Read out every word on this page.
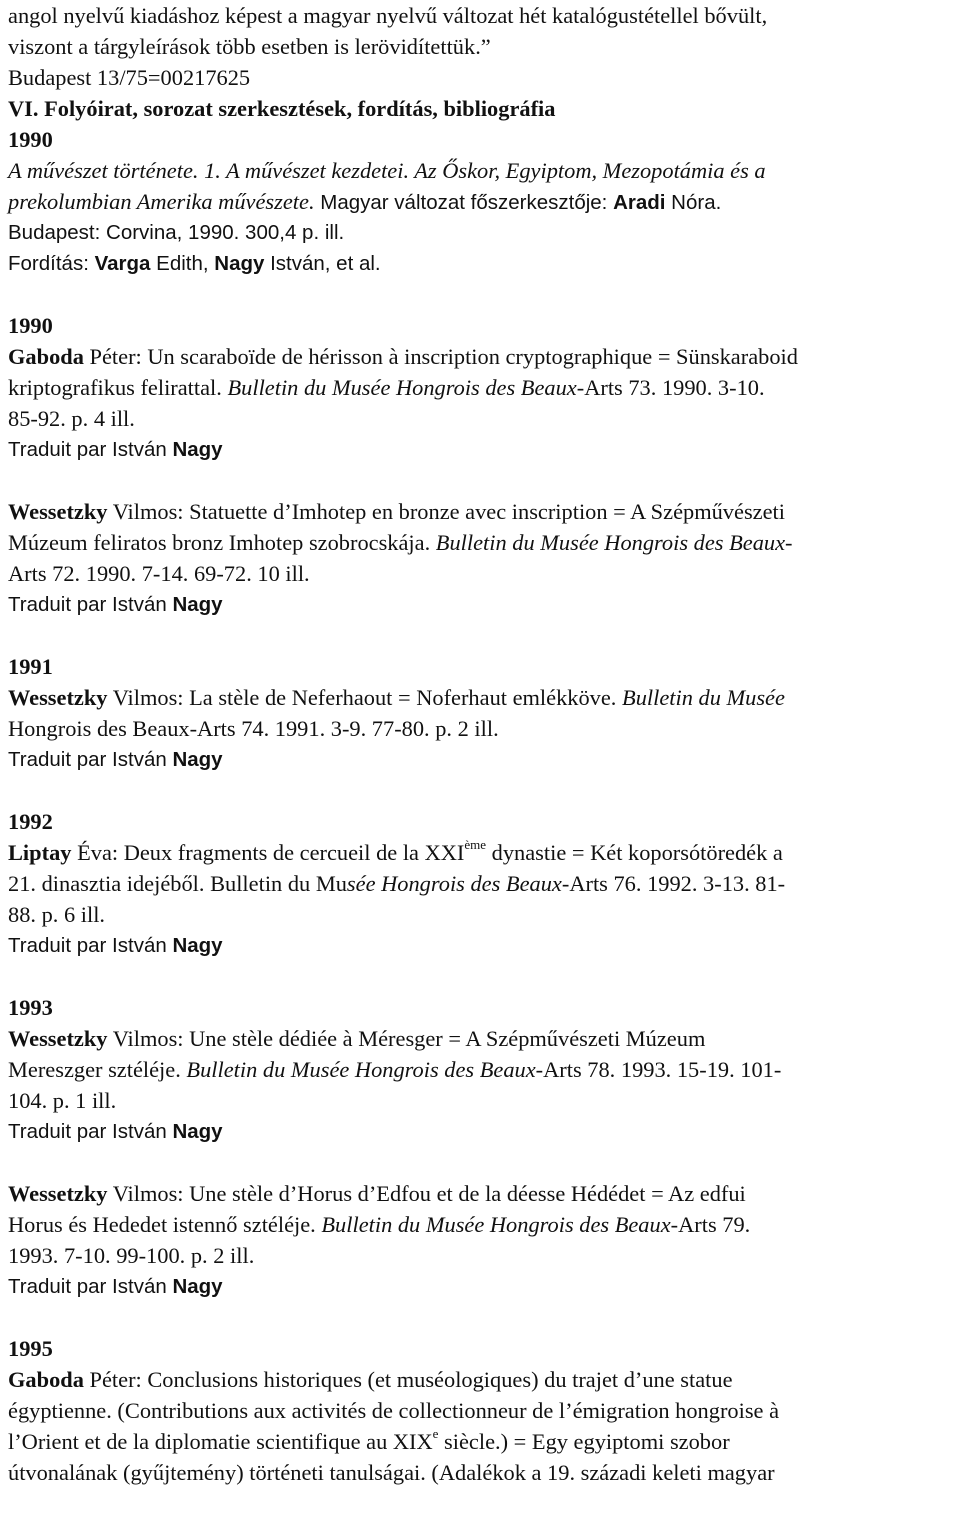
angol nyelvű kiadáshoz képest a magyar nyelvű változat hét katalógustétellel bővült,
viszont a tárgyleírások több esetben is lerövidítettük.”
Budapest 13/75=00217625
VI. Folyóirat, sorozat szerkesztések, fordítás, bibliográfia
1990
A művészet története. 1. A művészet kezdetei. Az Őskor, Egyiptom, Mezopotámia és a
prekolumbian Amerika művészete. Magyar változat főszerkesztője: Aradi Nóra.
Budapest: Corvina, 1990. 300,4 p. ill.
Fordítás: Varga Edith, Nagy István, et al.
1990
Gaboda Péter: Un scaraboïde de hérisson à inscription cryptographique = Sünskaraboid
kriptografikus felirattal. Bulletin du Musée Hongrois des Beaux-Arts 73. 1990. 3-10.
85-92. p. 4 ill.
Traduit par István Nagy
Wessetzky Vilmos: Statuette d’Imhotep en bronze avec inscription = A Szépművészeti
Múzeum feliratos bronz Imhotep szobrocskája. Bulletin du Musée Hongrois des Beaux-
Arts 72. 1990. 7-14. 69-72. 10 ill.
Traduit par István Nagy
1991
Wessetzky Vilmos: La stèle de Neferhaout = Noferhaut emlékköve. Bulletin du Musée
Hongrois des Beaux-Arts 74. 1991. 3-9. 77-80. p. 2 ill.
Traduit par István Nagy
1992
Liptay Éva: Deux fragments de cercueil de la XXIème dynastie = Két koporsótöredék a
21. dinasztia idejéből. Bulletin du Musée Hongrois des Beaux-Arts 76. 1992. 3-13. 81-
88. p. 6 ill.
Traduit par István Nagy
1993
Wessetzky Vilmos: Une stèle dédiée à Méresger = A Szépművészeti Múzeum
Mereszger sztéléje. Bulletin du Musée Hongrois des Beaux-Arts 78. 1993. 15-19. 101-
104. p. 1 ill.
Traduit par István Nagy
Wessetzky Vilmos: Une stèle d’Horus d’Edfou et de la déesse Hédédet = Az edfui
Horus és Hededet istennő sztéléje. Bulletin du Musée Hongrois des Beaux-Arts 79.
1993. 7-10. 99-100. p. 2 ill.
Traduit par István Nagy
1995
Gaboda Péter: Conclusions historiques (et muséologiques) du trajet d’une statue
égyptienne. (Contributions aux activités de collectionneur de l’émigration hongroise à
l’Orient et de la diplomatie scientifique au XIXe siècle.) = Egy egyiptomi szobor
útvonalának (gyűjtemény) történeti tanulságai. (Adalékok a 19. századi keleti magyar
